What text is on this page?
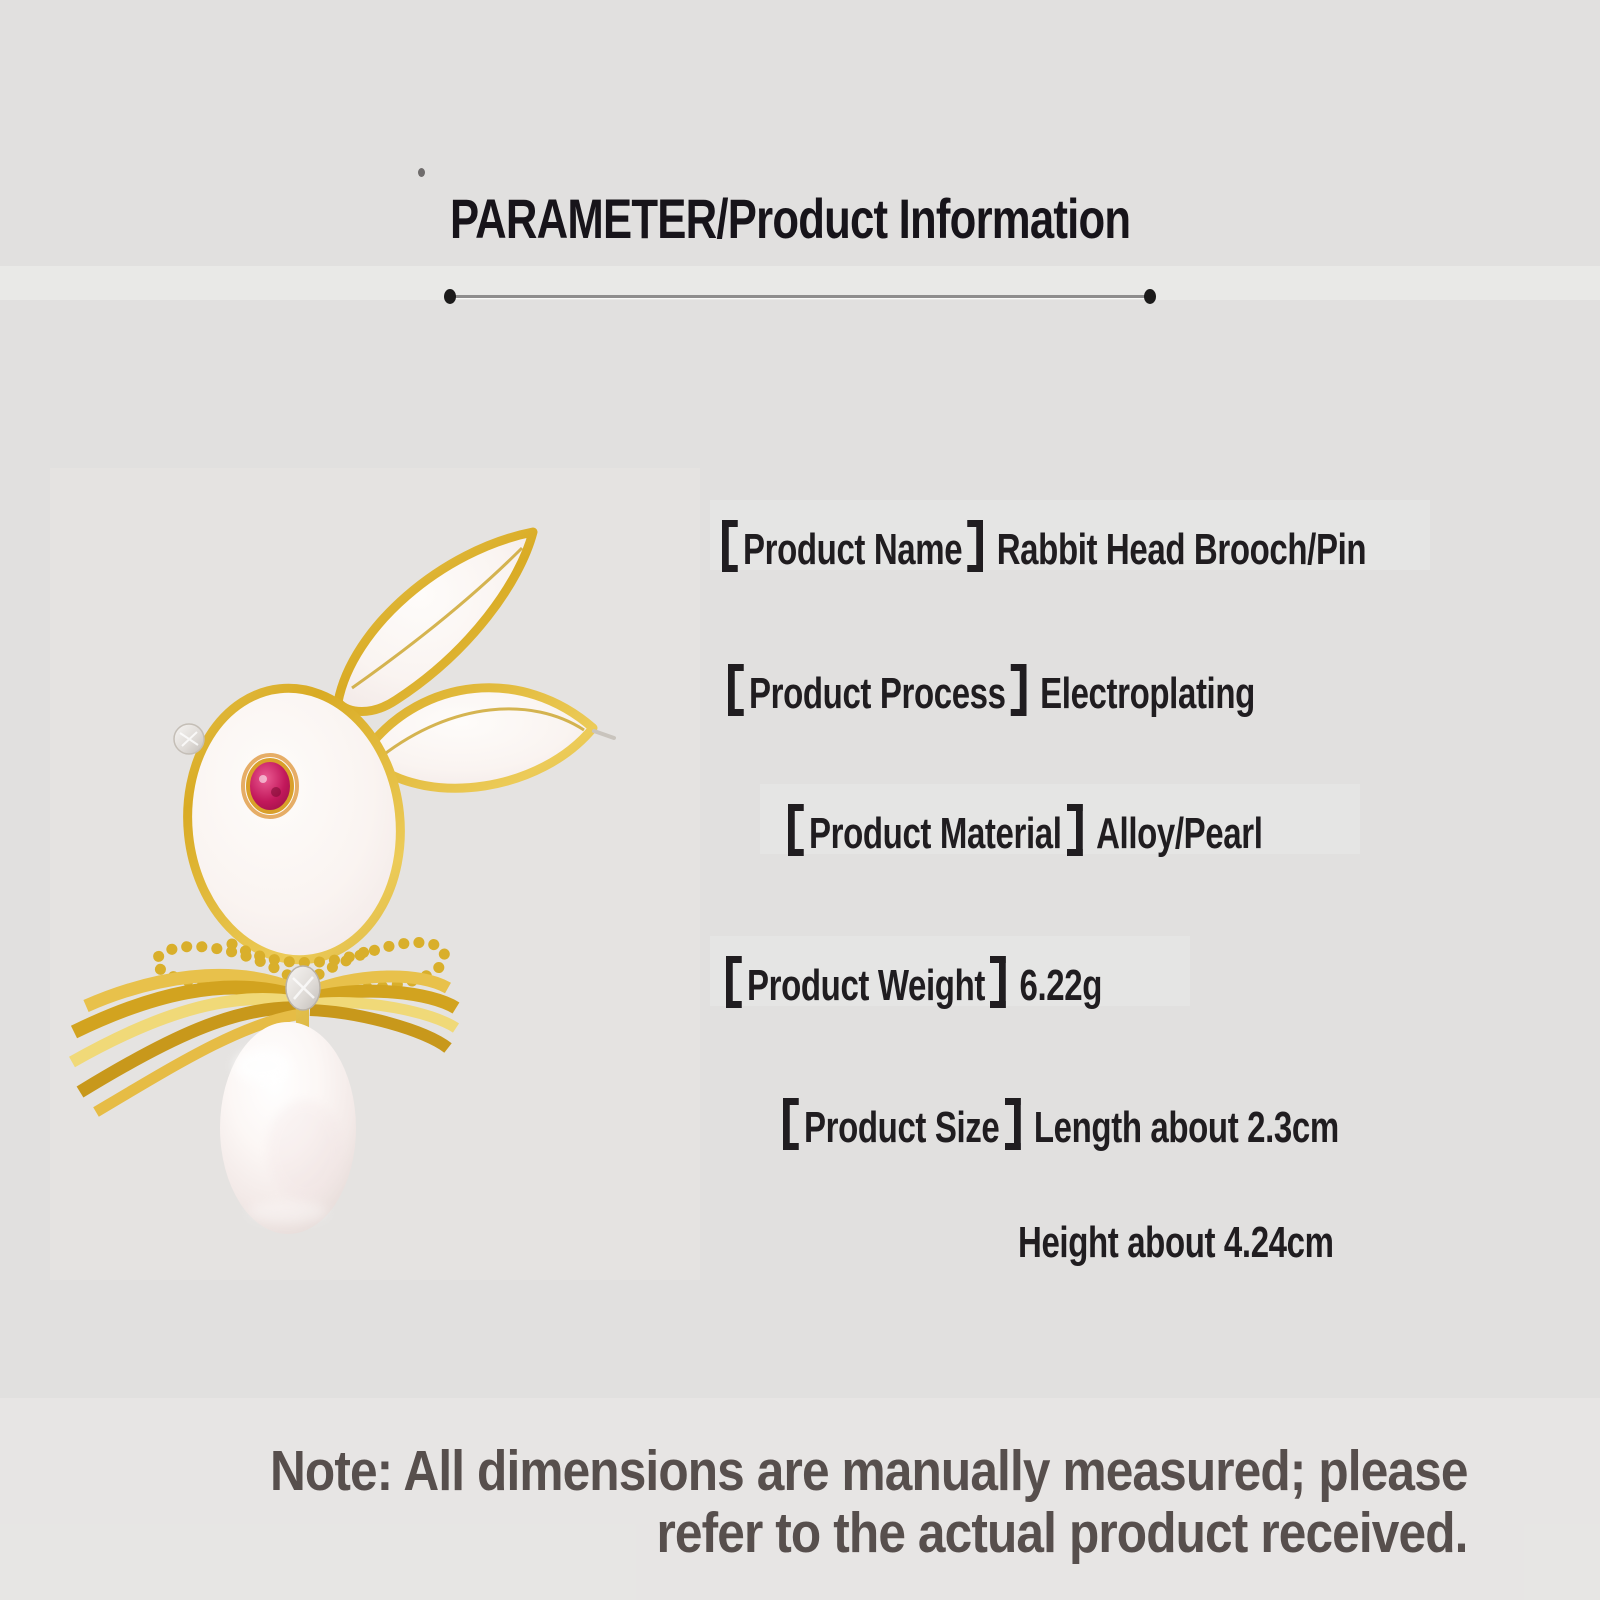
PARAMETER/Product Information
Product Name Rabbit Head Brooch/Pin
Product Process Electroplating
Product Material Alloy/Pearl
Product Weight 6.22g
Product Size Length about 2.3cm
Height about 4.24cm
Note: All dimensions are manually measured; please
refer to the actual product received.
